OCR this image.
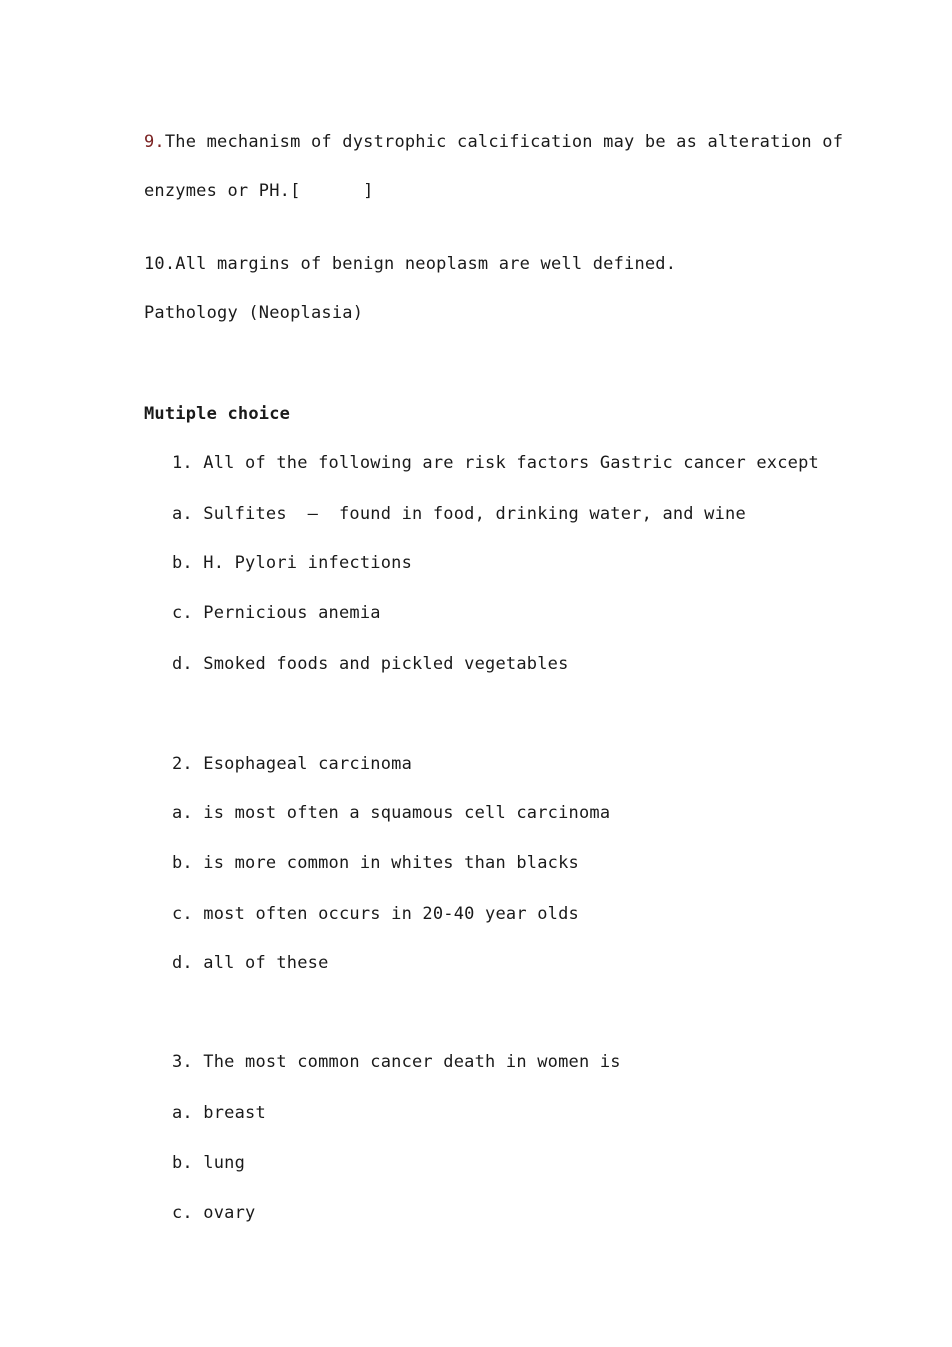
9.The mechanism of dystrophic calcification may be as alteration of
enzymes or PH.[      ]
10.All margins of benign neoplasm are well defined.
Pathology (Neoplasia)
Mutiple choice
1. All of the following are risk factors Gastric cancer except
a. Sulfites  –  found in food, drinking water, and wine
b. H. Pylori infections
c. Pernicious anemia
d. Smoked foods and pickled vegetables
2. Esophageal carcinoma
a. is most often a squamous cell carcinoma
b. is more common in whites than blacks
c. most often occurs in 20-40 year olds
d. all of these
3. The most common cancer death in women is
a. breast
b. lung
c. ovary
